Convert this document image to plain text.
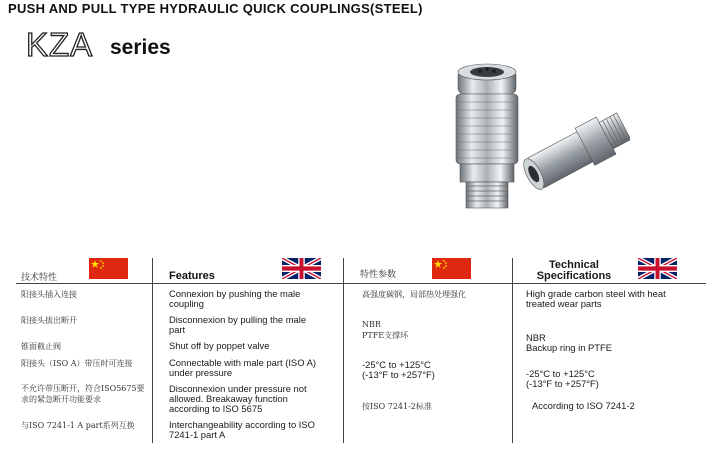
PUSH AND PULL TYPE HYDRAULIC QUICK COUPLINGS(STEEL)
KZA series
技术特性	Features	特性参数
Technical
Specifications
阳接头插入连接
阳接头拔出断开
锥面截止阀
阳接头（ISO A）带压时可连接
不允许带压断开，符合ISO5675要
求的紧急断开功能要求
与ISO 7241-1 A part系列互换
Connexion by pushing the male
coupling
Disconnexion by pulling the male
part
Shut off by poppet valve
Connectable with male part (ISO A)
under pressure
Disconnexion under pressure not
allowed. Breakaway function
according to ISO 5675
Interchangeability according to ISO
7241-1 part A
高强度碳钢，局部热处理强化
NBR
PTFE支撑环
-25°C to +125°C
(-13°F to +257°F)
按ISO 7241-2标准
High grade carbon steel with heat
treated wear parts
NBR
Backup ring in PTFE
-25°C to +125°C
(-13°F to +257°F)
According to ISO 7241-2
